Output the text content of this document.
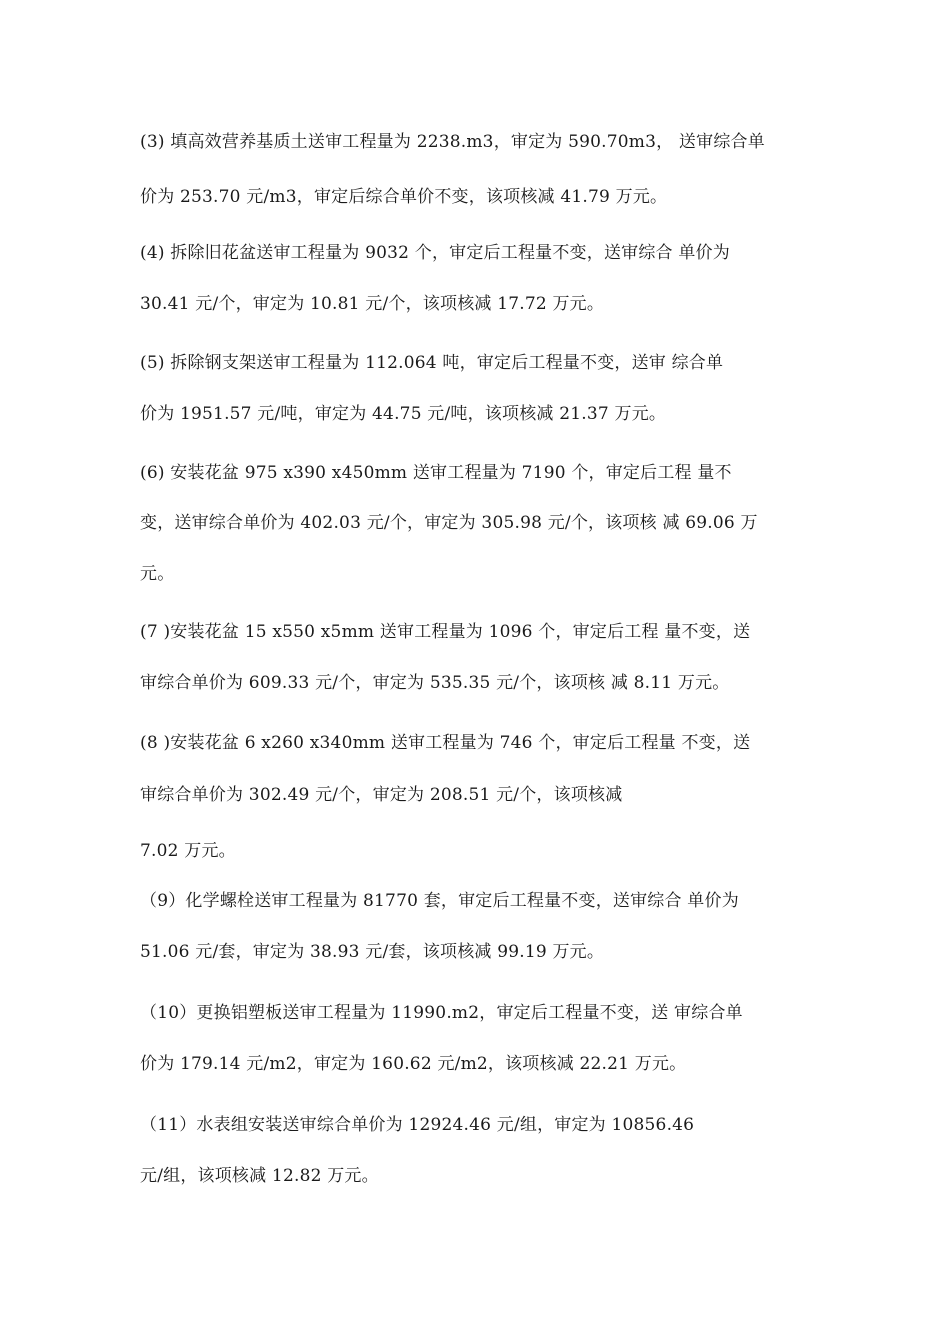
(3) 填高效营养基质土送审工程量为 2238.m3，审定为 590.70m3， 送审综合单
价为 253.70 元/m3，审定后综合单价不变，该项核减 41.79 万元。
(4) 拆除旧花盆送审工程量为 9032 个，审定后工程量不变，送审综合 单价为
30.41 元/个，审定为 10.81 元/个，该项核减 17.72 万元。
(5) 拆除钢支架送审工程量为 112.064 吨，审定后工程量不变，送审 综合单
价为 1951.57 元/吨，审定为 44.75 元/吨，该项核减 21.37 万元。
(6) 安装花盆 975 x390 x450mm 送审工程量为 7190 个，审定后工程 量不
变，送审综合单价为 402.03 元/个，审定为 305.98 元/个，该项核 减 69.06 万
元。
(7 )安装花盆 15 x550 x5mm 送审工程量为 1096 个，审定后工程 量不变，送
审综合单价为 609.33 元/个，审定为 535.35 元/个，该项核 减 8.11 万元。
(8 )安装花盆 6 x260 x340mm 送审工程量为 746 个，审定后工程量 不变，送
审综合单价为 302.49 元/个，审定为 208.51 元/个，该项核减
7.02 万元。
（9）化学螺栓送审工程量为 81770 套，审定后工程量不变，送审综合 单价为
51.06 元/套，审定为 38.93 元/套，该项核减 99.19 万元。
（10）更换铝塑板送审工程量为 11990.m2，审定后工程量不变，送 审综合单
价为 179.14 元/m2，审定为 160.62 元/m2，该项核减 22.21 万元。
（11）水表组安装送审综合单价为 12924.46 元/组，审定为 10856.46
元/组，该项核减 12.82 万元。
